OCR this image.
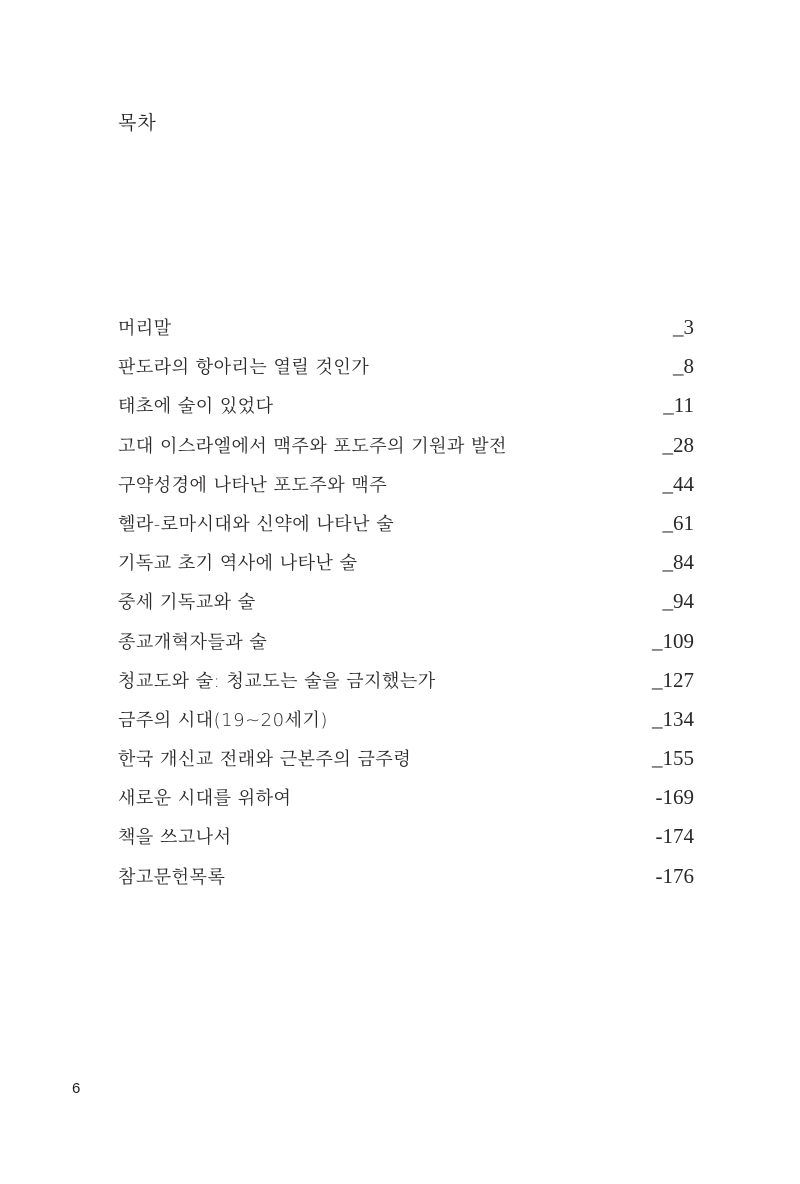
목차
머리말	_3
판도라의 항아리는 열릴 것인가	_8
태초에 술이 있었다	_11
고대 이스라엘에서 맥주와 포도주의 기원과 발전	_28
구약성경에 나타난 포도주와 맥주	_44
헬라-로마시대와 신약에 나타난 술	_61
기독교 초기 역사에 나타난 술	_84
중세 기독교와 술	_94
종교개혁자들과 술	_109
청교도와 술: 청교도는 술을 금지했는가	_127
금주의 시대(19~20세기)	_134
한국 개신교 전래와 근본주의 금주령	_155
새로운 시대를 위하여	-169
책을 쓰고나서	-174
참고문헌목록	-176
6
